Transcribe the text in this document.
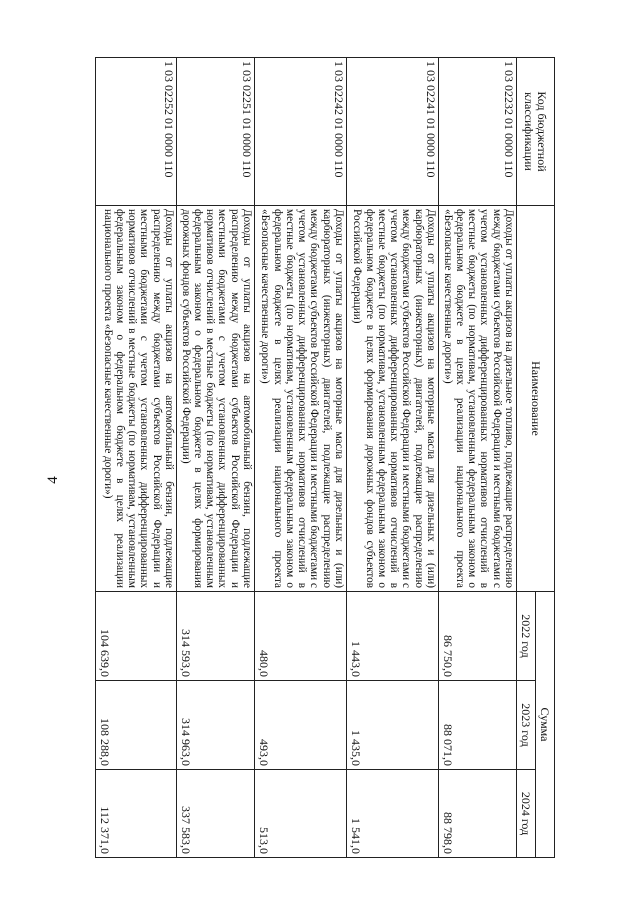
4
Код бюджетной классификации	Наименование	Сумма		
		2022 год	2023 год	2024 год
1 03 02232 01 0000 110	Доходы от уплаты акцизов на дизельное топливо, подлежащие распределению между бюджетами субъектов Российской Федерации и местными бюджетами с учетом установленных дифференцированных нормативов отчислений в местные бюджеты (по нормативам, установленным федеральным законом о федеральном бюджете в целях реализации национального проекта «Безопасные качественные дороги»)	86 750,0	88 071,0	88 798,0
1 03 02241 01 0000 110	Доходы от уплаты акцизов на моторные масла для дизельных и (или) карбюраторных (инжекторных) двигателей, подлежащие распределению между бюджетами субъектов Российской Федерации и местными бюджетами с учетом установленных дифференцированных нормативов отчислений в местные бюджеты (по нормативам, установленным федеральным законом о федеральном бюджете в целях формирования дорожных фондов субъектов Российской Федерации)	1 443,0	1 435,0	1 541,0
1 03 02242 01 0000 110	Доходы от уплаты акцизов на моторные масла для дизельных и (или) карбюраторных (инжекторных) двигателей, подлежащие распределению между бюджетами субъектов Российской Федерации и местными бюджетами с учетом установленных дифференцированных нормативов отчислений в местные бюджеты (по нормативам, установленным федеральным законом о федеральном бюджете в целях реализации национального проекта «Безопасные качественные дороги»)	480,0	493,0	513,0
1 03 02251 01 0000 110	Доходы от уплаты акцизов на автомобильный бензин, подлежащие распределению между бюджетами субъектов Российской Федерации и местными бюджетами с учетом установленных дифференцированных нормативов отчислений в местные бюджеты (по нормативам, установленным федеральным законом о федеральном бюджете в целях формирования дорожных фондов субъектов Российской Федерации)	314 593,0	314 963,0	337 583,0
1 03 02252 01 0000 110	Доходы от уплаты акцизов на автомобильный бензин, подлежащие распределению между бюджетами субъектов Российской Федерации и местными бюджетами с учетом установленных дифференцированных нормативов отчислений в местные бюджеты (по нормативам, установленным федеральным законом о федеральном бюджете в целях реализации национального проекта «Безопасные качественные дороги»)	104 639,0	108 288,0	112 371,0
